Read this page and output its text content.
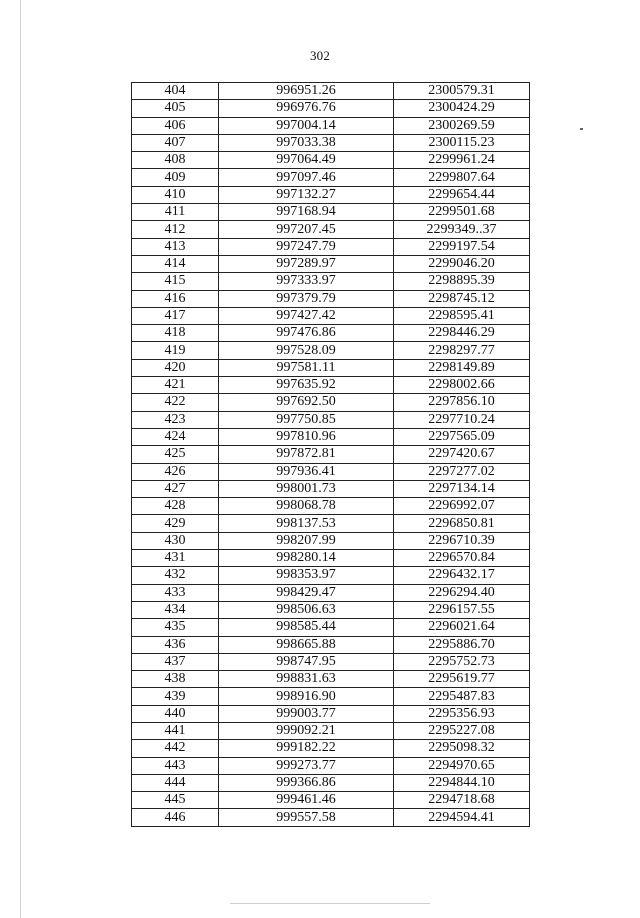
302
404	996951.26	2300579.31
405	996976.76	2300424.29
406	997004.14	2300269.59
407	997033.38	2300115.23
408	997064.49	2299961.24
409	997097.46	2299807.64
410	997132.27	2299654.44
411	997168.94	2299501.68
412	997207.45	2299349..37
413	997247.79	2299197.54
414	997289.97	2299046.20
415	997333.97	2298895.39
416	997379.79	2298745.12
417	997427.42	2298595.41
418	997476.86	2298446.29
419	997528.09	2298297.77
420	997581.11	2298149.89
421	997635.92	2298002.66
422	997692.50	2297856.10
423	997750.85	2297710.24
424	997810.96	2297565.09
425	997872.81	2297420.67
426	997936.41	2297277.02
427	998001.73	2297134.14
428	998068.78	2296992.07
429	998137.53	2296850.81
430	998207.99	2296710.39
431	998280.14	2296570.84
432	998353.97	2296432.17
433	998429.47	2296294.40
434	998506.63	2296157.55
435	998585.44	2296021.64
436	998665.88	2295886.70
437	998747.95	2295752.73
438	998831.63	2295619.77
439	998916.90	2295487.83
440	999003.77	2295356.93
441	999092.21	2295227.08
442	999182.22	2295098.32
443	999273.77	2294970.65
444	999366.86	2294844.10
445	999461.46	2294718.68
446	999557.58	2294594.41
